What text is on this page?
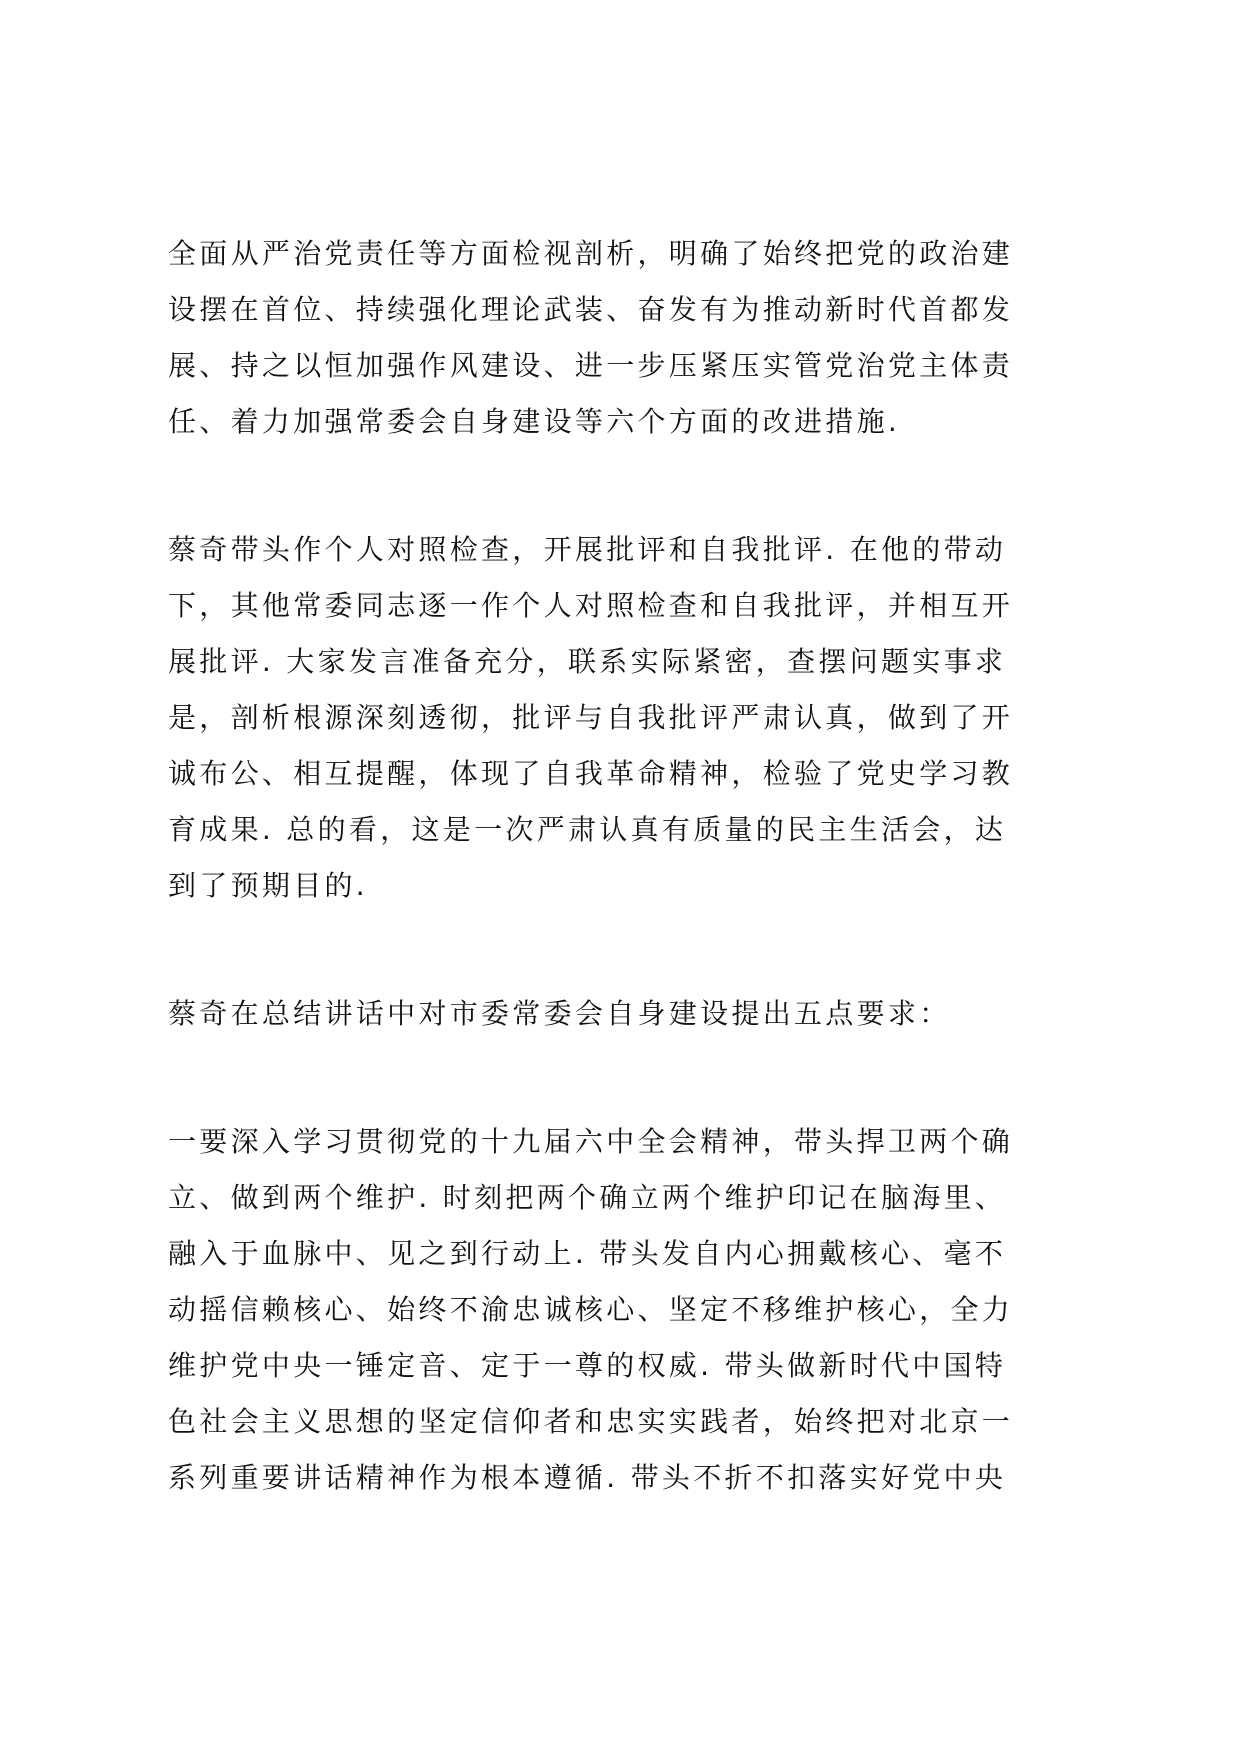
全面从严治党责任等方面检视剖析，明确了始终把党的政治建
设摆在首位、持续强化理论武装、奋发有为推动新时代首都发
展、持之以恒加强作风建设、进一步压紧压实管党治党主体责
任、着力加强常委会自身建设等六个方面的改进措施.
蔡奇带头作个人对照检查，开展批评和自我批评. 在他的带动
下，其他常委同志逐一作个人对照检查和自我批评，并相互开
展批评. 大家发言准备充分，联系实际紧密，查摆问题实事求
是，剖析根源深刻透彻，批评与自我批评严肃认真，做到了开
诚布公、相互提醒，体现了自我革命精神，检验了党史学习教
育成果. 总的看，这是一次严肃认真有质量的民主生活会，达
到了预期目的.
蔡奇在总结讲话中对市委常委会自身建设提出五点要求：
一要深入学习贯彻党的十九届六中全会精神，带头捍卫两个确
立、做到两个维护. 时刻把两个确立两个维护印记在脑海里、
融入于血脉中、见之到行动上. 带头发自内心拥戴核心、毫不
动摇信赖核心、始终不渝忠诚核心、坚定不移维护核心，全力
维护党中央一锤定音、定于一尊的权威. 带头做新时代中国特
色社会主义思想的坚定信仰者和忠实实践者，始终把对北京一
系列重要讲话精神作为根本遵循. 带头不折不扣落实好党中央
